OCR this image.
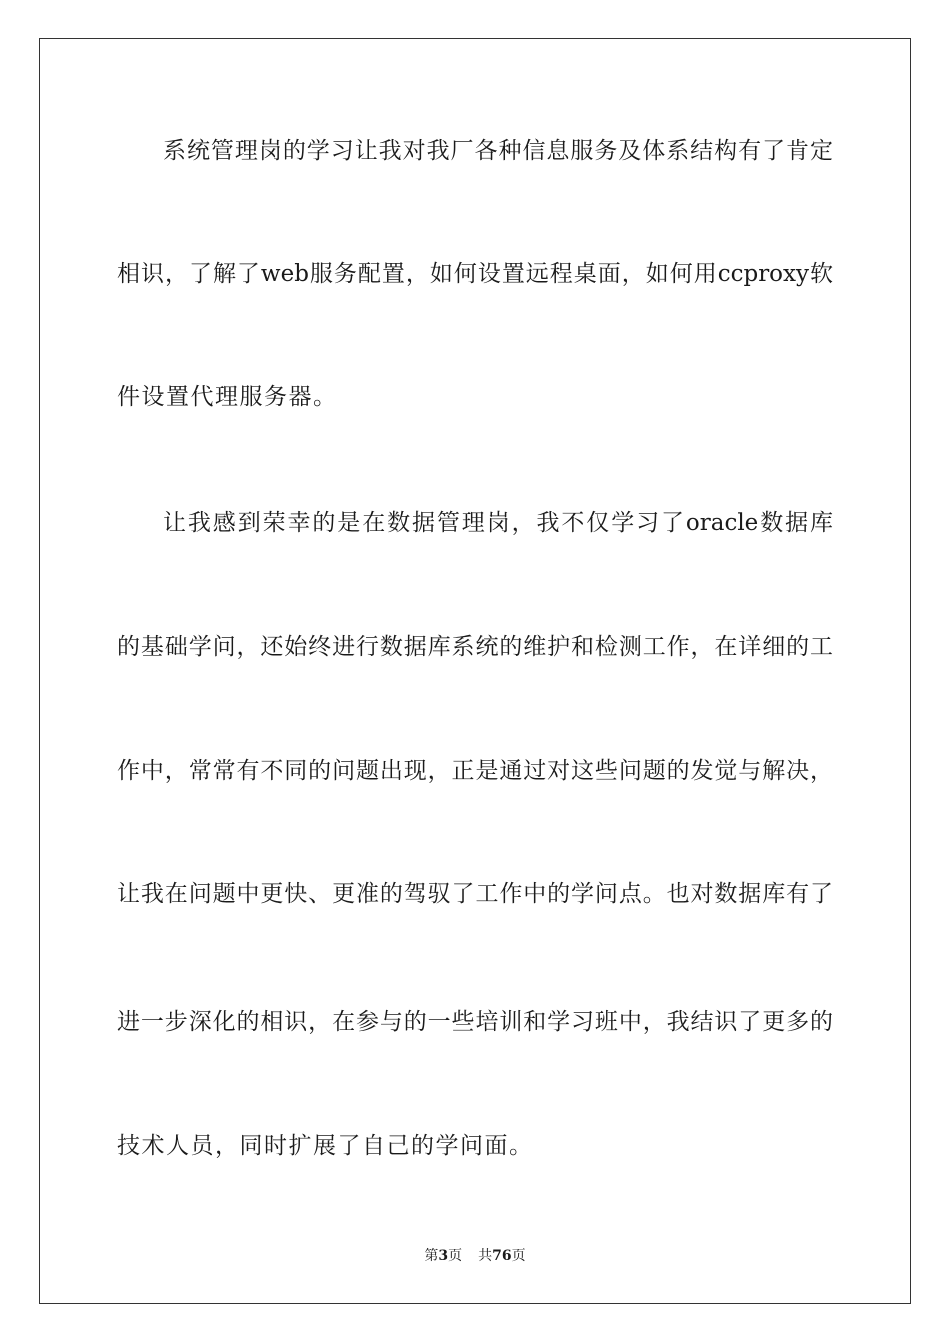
系统管理岗的学习让我对我厂各种信息服务及体系结构有了肯定
相识，了解了web服务配置，如何设置远程桌面，如何用ccproxy软
件设置代理服务器。
让我感到荣幸的是在数据管理岗，我不仅学习了oracle数据库
的基础学问，还始终进行数据库系统的维护和检测工作，在详细的工
作中，常常有不同的问题出现，正是通过对这些问题的发觉与解决，
让我在问题中更快、更准的驾驭了工作中的学问点。也对数据库有了
进一步深化的相识，在参与的一些培训和学习班中，我结识了更多的
技术人员，同时扩展了自己的学问面。
第3页 共76页
